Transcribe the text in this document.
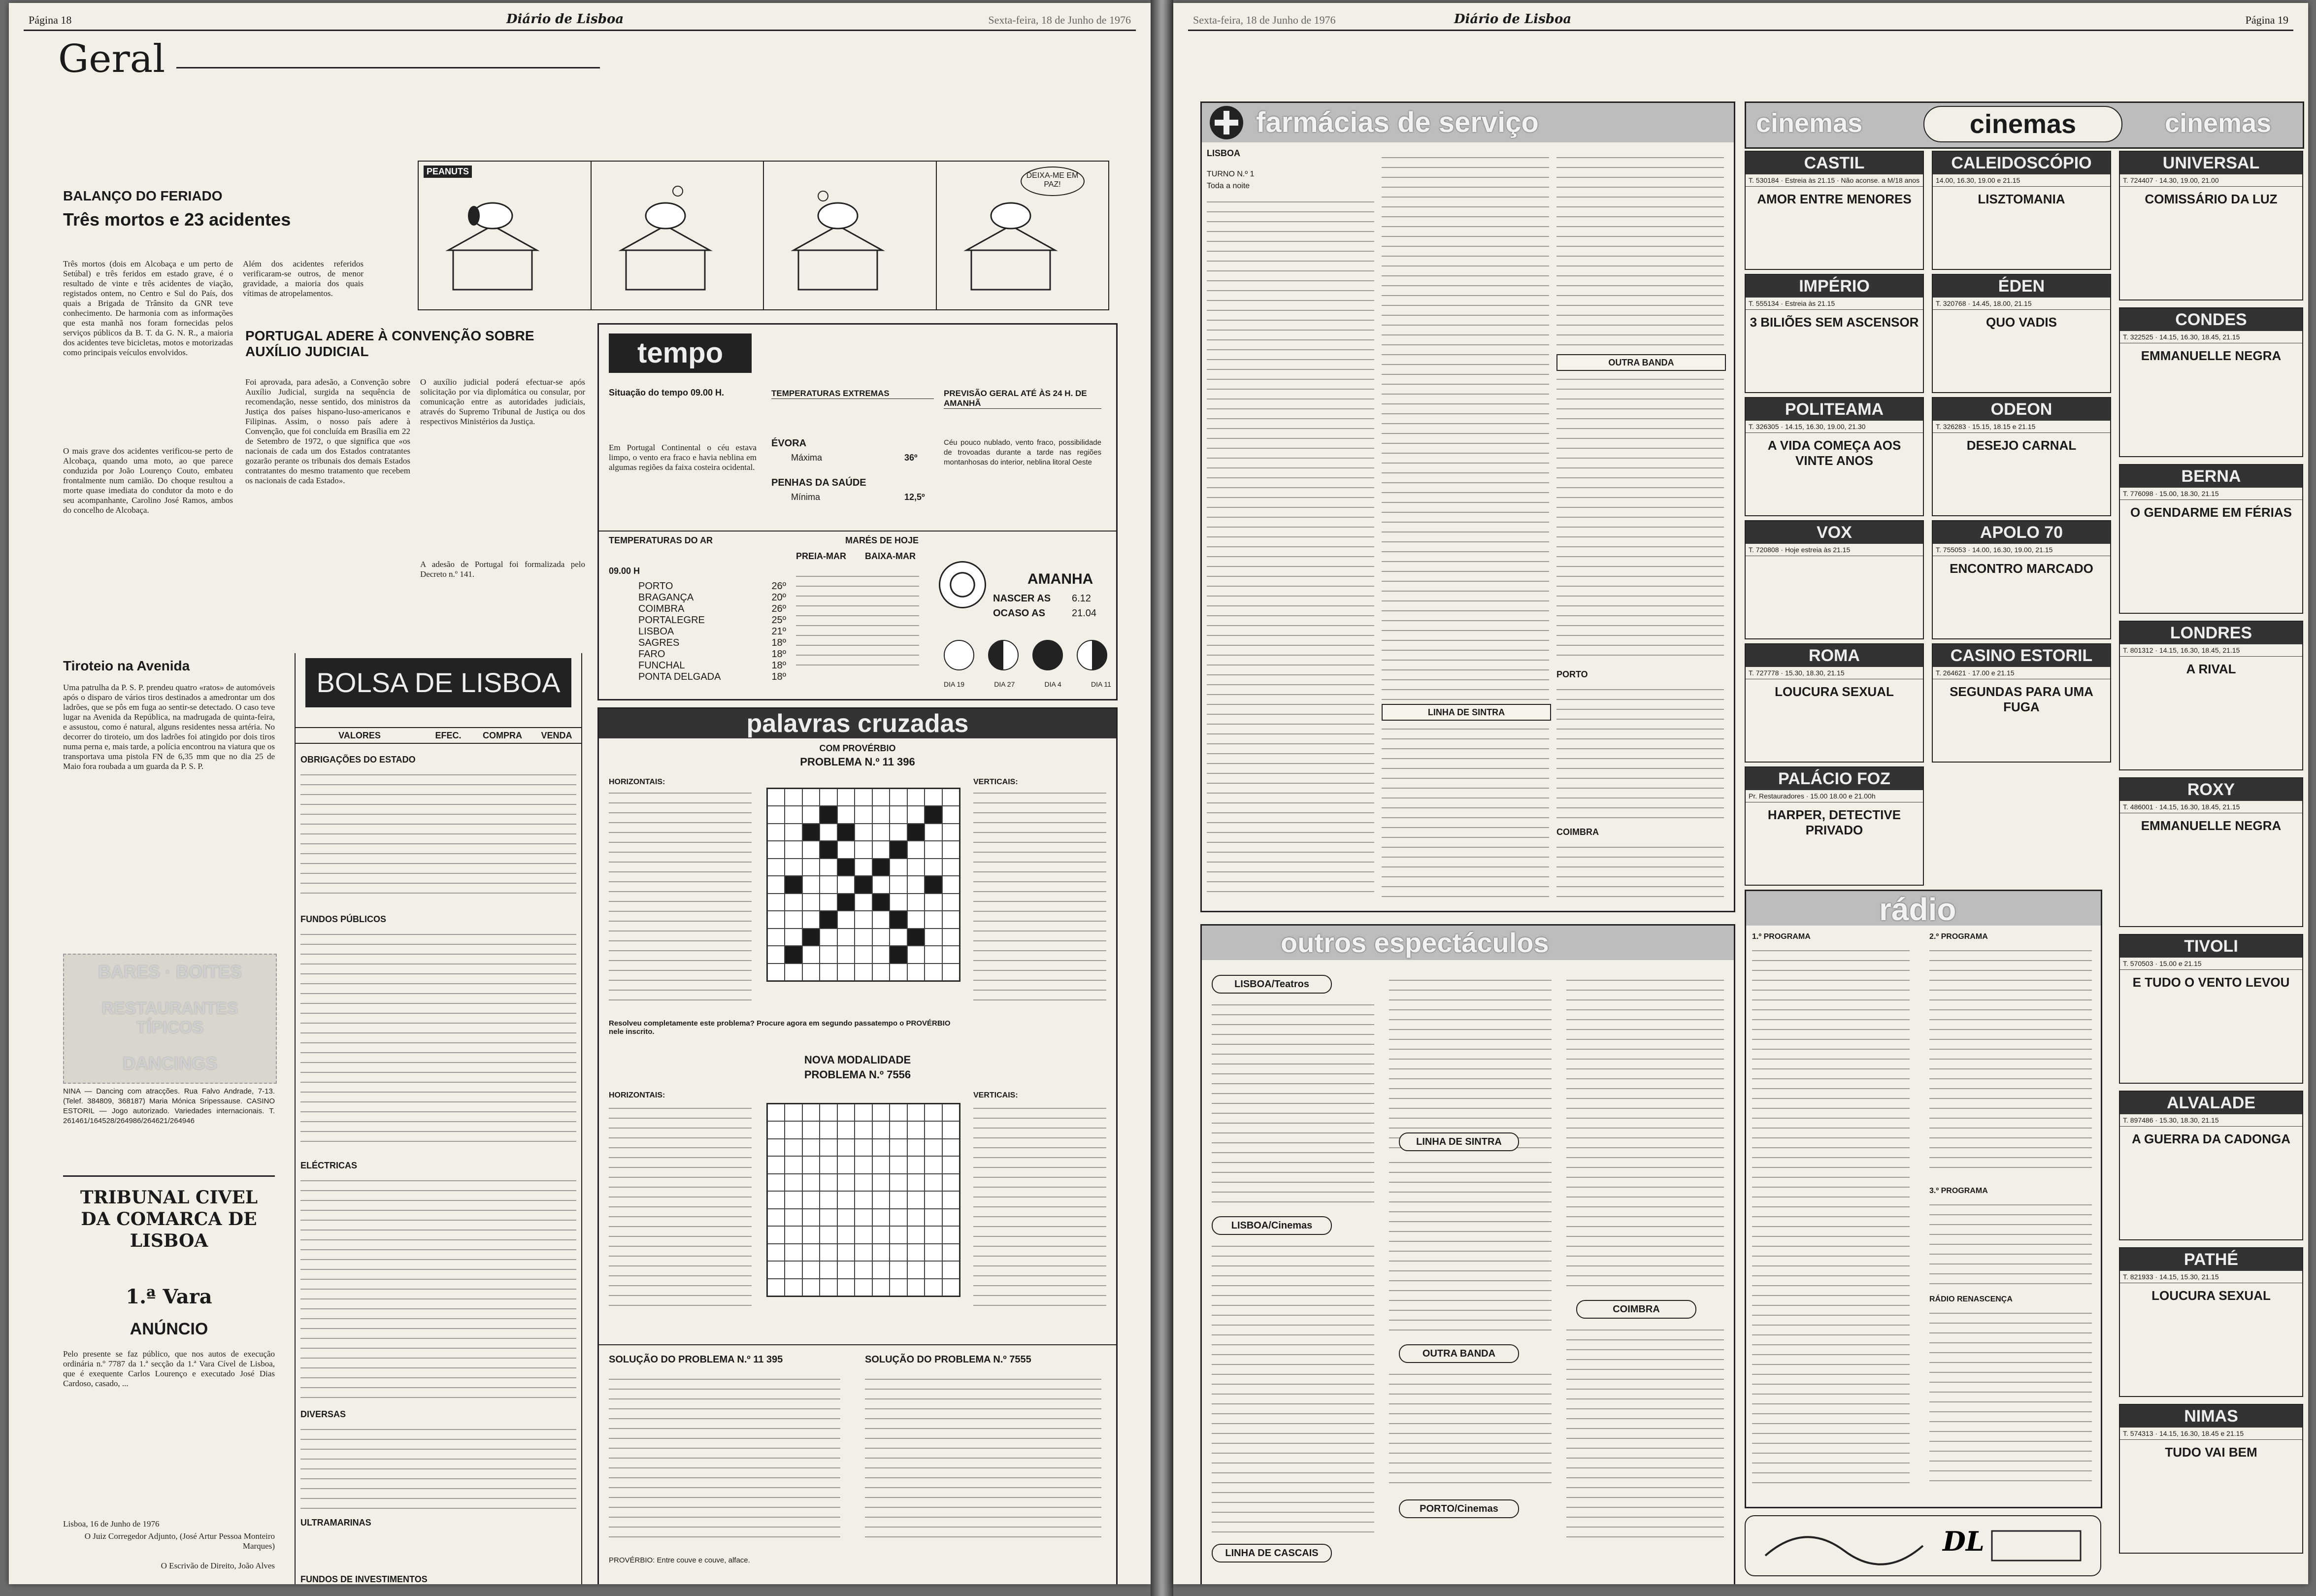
Página 18	Diário de Lisboa	Sexta-feira, 18 de Junho de 1976
Geral
BALANÇO DO FERIADO
Três mortos e 23 acidentes
Três mortos (dois em Alcobaça e um perto de Setúbal) e três feridos em estado grave, é o resultado de vinte e três acidentes de viação, registados ontem, no Centro e Sul do País, dos quais a Brigada de Trânsito da GNR teve conhecimento. De harmonia com as informações que esta manhã nos foram fornecidas pelos serviços públicos da B. T. da G. N. R., a maioria dos acidentes teve bicicletas, motos e motorizadas como principais veículos envolvidos.
O mais grave dos acidentes verificou-se perto de Alcobaça, quando uma moto, ao que parece conduzida por João Lourenço Couto, embateu frontalmente num camião. Do choque resultou a morte quase imediata do condutor da moto e do seu acompanhante, Carolino José Ramos, ambos do concelho de Alcobaça.
Além dos acidentes referidos verificaram-se outros, de menor gravidade, a maioria dos quais vítimas de atropelamentos.
PEANUTS	DEIXA-ME EM PAZ!
PORTUGAL ADERE À CONVENÇÃO SOBRE AUXÍLIO JUDICIAL
Foi aprovada, para adesão, a Convenção sobre Auxílio Judicial, surgida na sequência de recomendação, nesse sentido, dos ministros da Justiça dos países hispano-luso-americanos e Filipinas. Assim, o nosso país adere à Convenção, que foi concluída em Brasília em 22 de Setembro de 1972, o que significa que «os nacionais de cada um dos Estados contratantes gozarão perante os tribunais dos demais Estados contratantes do mesmo tratamento que recebem os nacionais de cada Estado».
O auxílio judicial poderá efectuar-se após solicitação por via diplomática ou consular, por comunicação entre as autoridades judiciais, através do Supremo Tribunal de Justiça ou dos respectivos Ministérios da Justiça.
A adesão de Portugal foi formalizada pelo Decreto n.º 141.
tempo
Situação do tempo 09.00 H.
Em Portugal Continental o céu estava limpo, o vento era fraco e havia neblina em algumas regiões da faixa costeira ocidental.
TEMPERATURAS EXTREMAS
ÉVORA
Máxima	36º
PENHAS DA SAÚDE
Mínima	12,5º
PREVISÃO GERAL ATÉ ÀS 24 H. DE AMANHÃ
Céu pouco nublado, vento fraco, possibilidade de trovoadas durante a tarde nas regiões montanhosas do interior, neblina litoral Oeste
TEMPERATURAS DO AR
09.00 H
PORTO	26º
BRAGANÇA	20º
COIMBRA	26º
PORTALEGRE	25º
LISBOA	21º
SAGRES	18º
FARO	18º
FUNCHAL	18º
PONTA DELGADA	18º
MARÉS DE HOJE
PREIA-MAR BAIXA-MAR
AMANHA
NASCER AS 6.12
OCASO AS	21.04
DIA 19	DIA 27	DIA 4	DIA 11
BOLSA DE LISBOA
VALORES	EFEC.	COMPRA	VENDA
OBRIGAÇÕES DO ESTADO
FUNDOS PÚBLICOS
ELÉCTRICAS
DIVERSAS
ULTRAMARINAS
FUNDOS DE INVESTIMENTOS
Tiroteio na Avenida
Uma patrulha da P. S. P. prendeu quatro «ratos» de automóveis após o disparo de vários tiros destinados a amedrontar um dos ladrões, que se pôs em fuga ao sentir-se detectado. O caso teve lugar na Avenida da República, na madrugada de quinta-feira, e assustou, como é natural, alguns residentes nessa artéria. No decorrer do tiroteio, um dos ladrões foi atingido por dois tiros numa perna e, mais tarde, a polícia encontrou na viatura que os transportava uma pistola FN de 6,35 mm que no dia 25 de Maio fora roubada a um guarda da P. S. P.
BARES · BOITES
RESTAURANTES TÍPICOS
DANCINGS
NINA — Dancing com atracções. Rua Falvo Andrade, 7-13. (Telef. 384809, 368187) Maria Mónica Sripessause. CASINO ESTORIL — Jogo autorizado. Variedades internacionais. T. 261461/164528/264986/264621/264946
TRIBUNAL CIVEL DA COMARCA DE LISBOA
1.ª Vara
ANÚNCIO
Pelo presente se faz público, que nos autos de execução ordinária n.º 7787 da 1.ª secção da 1.ª Vara Cível de Lisboa, que é exequente Carlos Lourenço e executado José Dias Cardoso, casado, ...
Lisboa, 16 de Junho de 1976
O Juiz Corregedor Adjunto, (José Artur Pessoa Monteiro Marques)
O Escrivão de Direito, João Alves
palavras cruzadas
COM PROVÉRBIO
PROBLEMA N.º 11 396
HORIZONTAIS:	VERTICAIS:
Resolveu completamente este problema? Procure agora em segundo passatempo o PROVÉRBIO nele inscrito.
NOVA MODALIDADE
PROBLEMA N.º 7556
HORIZONTAIS:	VERTICAIS:
SOLUÇÃO DO PROBLEMA N.º 11 395	SOLUÇÃO DO PROBLEMA N.º 7555
PROVÉRBIO: Entre couve e couve, alface.
Sexta-feira, 18 de Junho de 1976	Diário de Lisboa	Página 19
farmácias de serviço
LISBOA
TURNO N.º 1
Toda a noite
OUTRA BANDA
PORTO
COIMBRA
LINHA DE SINTRA
outros espectáculos
LISBOA/Teatros
LISBOA/Cinemas
LINHA DE CASCAIS
LINHA DE SINTRA
OUTRA BANDA
PORTO/Cinemas
COIMBRA
cinemas
cinemas	cinemas
CASTIL
T. 530184 · Estreia às 21.15 · Não aconse. a M/18 anos
AMOR ENTRE MENORES
IMPÉRIO
T. 555134 · Estreia às 21.15
3 BILIÕES SEM ASCENSOR
POLITEAMA
T. 326305 · 14.15, 16.30, 19.00, 21.30
A VIDA COMEÇA AOS VINTE ANOS
VOX
T. 720808 · Hoje estreia às 21.15
ROMA
T. 727778 · 15.30, 18.30, 21.15
LOUCURA SEXUAL
PALÁCIO FOZ
Pr. Restauradores · 15.00 18.00 e 21.00h
HARPER, DETECTIVE PRIVADO
CALEIDOSCÓPIO
14.00, 16.30, 19.00 e 21.15
LISZTOMANIA
ÉDEN
T. 320768 · 14.45, 18.00, 21.15
QUO VADIS
ODEON
T. 326283 · 15.15, 18.15 e 21.15
DESEJO CARNAL
APOLO 70
T. 755053 · 14.00, 16.30, 19.00, 21.15
ENCONTRO MARCADO
CASINO ESTORIL
T. 264621 · 17.00 e 21.15
SEGUNDAS PARA UMA FUGA
UNIVERSAL
T. 724407 · 14.30, 19.00, 21.00
COMISSÁRIO DA LUZ
CONDES
T. 322525 · 14.15, 16.30, 18.45, 21.15
EMMANUELLE NEGRA
BERNA
T. 776098 · 15.00, 18.30, 21.15
O GENDARME EM FÉRIAS
LONDRES
T. 801312 · 14.15, 16.30, 18.45, 21.15
A RIVAL
ROXY
T. 486001 · 14.15, 16.30, 18.45, 21.15
EMMANUELLE NEGRA
TIVOLI
T. 570503 · 15.00 e 21.15
E TUDO O VENTO LEVOU
ALVALADE
T. 897486 · 15.30, 18.30, 21.15
A GUERRA DA CADONGA
PATHÉ
T. 821933 · 14.15, 15.30, 21.15
LOUCURA SEXUAL
NIMAS
T. 574313 · 14.15, 16.30, 18.45 e 21.15
TUDO VAI BEM
rádio
1.º PROGRAMA	2.º PROGRAMA
3.º PROGRAMA
RÁDIO RENASCENÇA
DL
